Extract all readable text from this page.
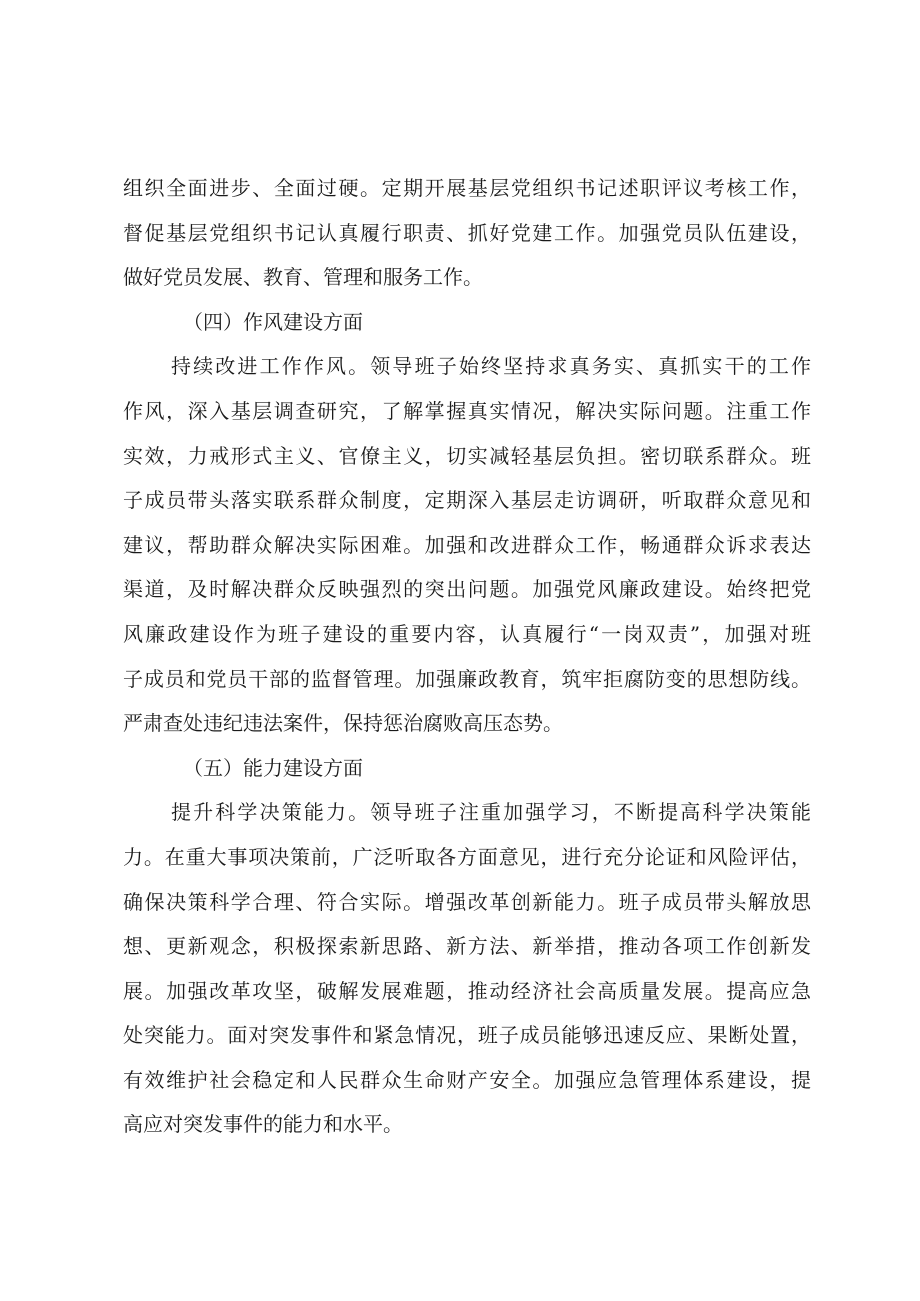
组织全面进步、全面过硬。定期开展基层党组织书记述职评议考核工作，
督促基层党组织书记认真履行职责、抓好党建工作。加强党员队伍建设，
做好党员发展、教育、管理和服务工作。
（四）作风建设方面
持续改进工作作风。领导班子始终坚持求真务实、真抓实干的工作
作风，深入基层调查研究，了解掌握真实情况，解决实际问题。注重工作
实效，力戒形式主义、官僚主义，切实减轻基层负担。密切联系群众。班
子成员带头落实联系群众制度，定期深入基层走访调研，听取群众意见和
建议，帮助群众解决实际困难。加强和改进群众工作，畅通群众诉求表达
渠道，及时解决群众反映强烈的突出问题。加强党风廉政建设。始终把党
风廉政建设作为班子建设的重要内容，认真履行“一岗双责”，加强对班
子成员和党员干部的监督管理。加强廉政教育，筑牢拒腐防变的思想防线。
严肃查处违纪违法案件，保持惩治腐败高压态势。
（五）能力建设方面
提升科学决策能力。领导班子注重加强学习，不断提高科学决策能
力。在重大事项决策前，广泛听取各方面意见，进行充分论证和风险评估，
确保决策科学合理、符合实际。增强改革创新能力。班子成员带头解放思
想、更新观念，积极探索新思路、新方法、新举措，推动各项工作创新发
展。加强改革攻坚，破解发展难题，推动经济社会高质量发展。提高应急
处突能力。面对突发事件和紧急情况，班子成员能够迅速反应、果断处置，
有效维护社会稳定和人民群众生命财产安全。加强应急管理体系建设，提
高应对突发事件的能力和水平。
